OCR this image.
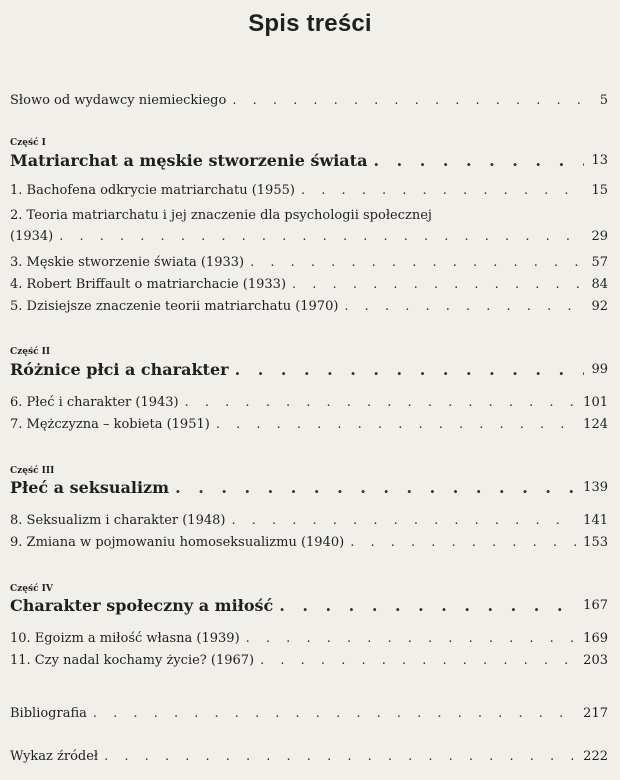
Spis treści
Słowo od wydawcy niemieckiego . . .	5
Część I
Matriarchat a męskie stworzenie świata . . .	13
1. Bachofena odkrycie matriarchatu (1955) . . .	15
2. Teoria matriarchatu i jej znaczenie dla psychologii społecznej
(1934) . . .	29
3. Męskie stworzenie świata (1933) . . .	57
4. Robert Briffault o matriarchacie (1933) . . .	84
5. Dzisiejsze znaczenie teorii matriarchatu (1970) . . .	92
Część II
Różnice płci a charakter . . .	99
6. Płeć i charakter (1943) . . .	101
7. Mężczyzna – kobieta (1951) . . .	124
Część III
Płeć a seksualizm . . .	139
8. Seksualizm i charakter (1948) . . .	141
9. Zmiana w pojmowaniu homoseksualizmu (1940) . . .	153
Część IV
Charakter społeczny a miłość . . .	167
10. Egoizm a miłość własna (1939) . . .	169
11. Czy nadal kochamy życie? (1967) . . .	203
Bibliografia . . .	217
Wykaz źródeł . . .	222
